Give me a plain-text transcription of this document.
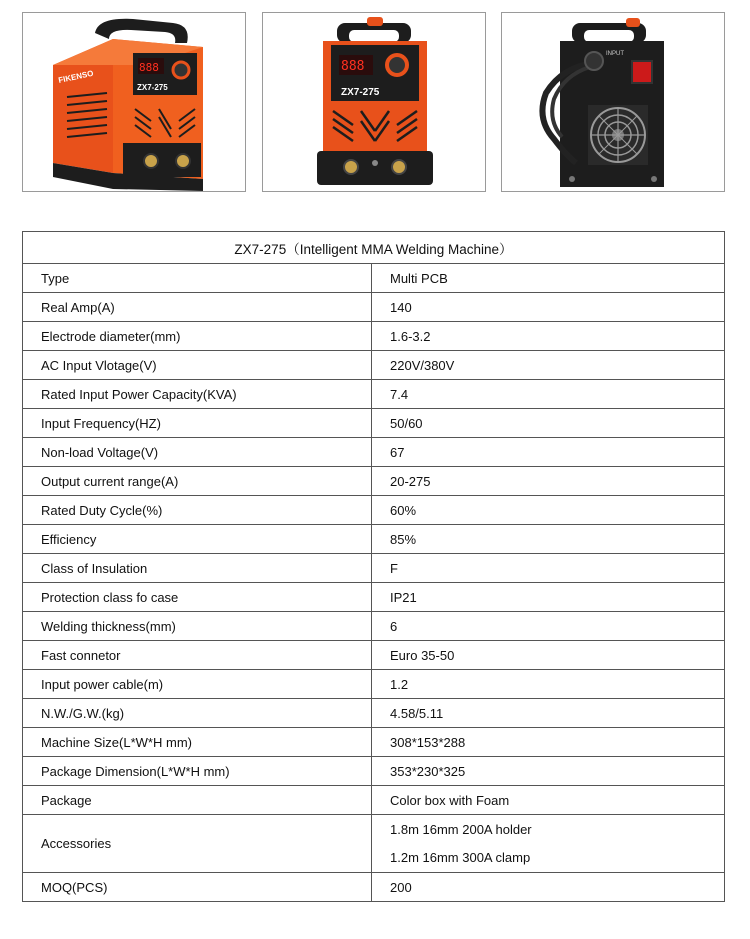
888
ZX7-275
FIKENSO
888
ZX7-275
INPUT
ZX7-275（Intelligent MMA Welding Machine）	
Type	Multi PCB
Real Amp(A)	140
Electrode diameter(mm)	1.6-3.2
AC Input Vlotage(V)	220V/380V
Rated Input Power Capacity(KVA)	7.4
Input Frequency(HZ)	50/60
Non-load Voltage(V)	67
Output current range(A)	20-275
Rated Duty Cycle(%)	60%
Efficiency	85%
Class of Insulation	F
Protection class fo case	IP21
Welding thickness(mm)	6
Fast connetor	Euro 35-50
Input power cable(m)	1.2
N.W./G.W.(kg)	4.58/5.11
Machine Size(L*W*H mm)	308*153*288
Package Dimension(L*W*H mm)	353*230*325
Package	Color box with Foam
Accessories	1.8m 16mm 200A holder
1.2m 16mm 300A clamp

MOQ(PCS)	200
